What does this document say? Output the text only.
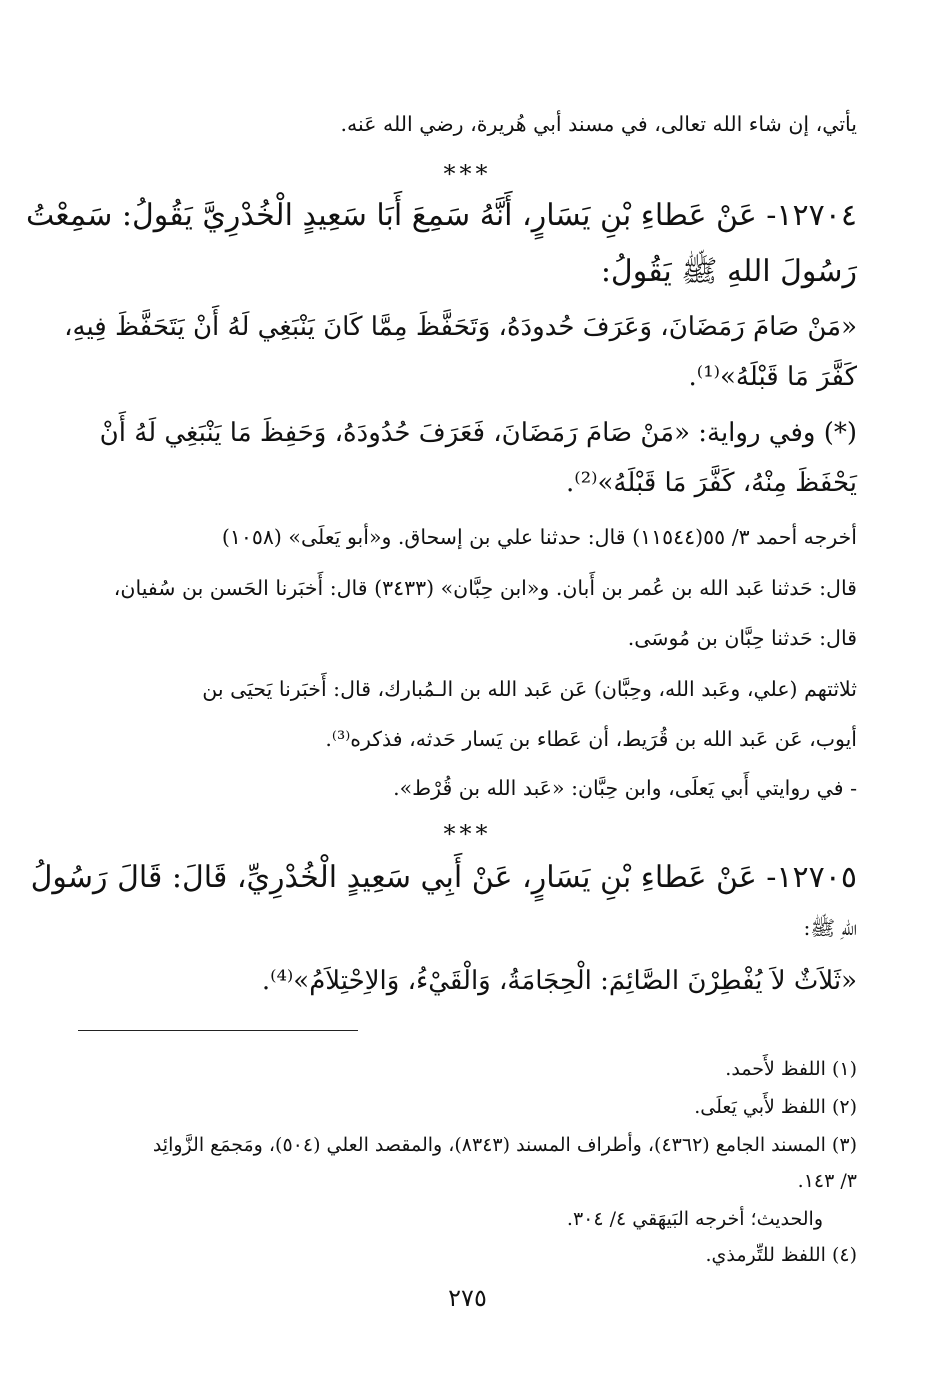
يأتي، إن شاء الله تعالى، في مسند أبي هُريرة، رضي الله عَنه.
***
١٢٧٠٤- عَنْ عَطاءِ بْنِ يَسَارٍ، أَنَّهُ سَمِعَ أَبَا سَعِيدٍ الْخُدْرِيَّ يَقُولُ: سَمِعْتُ
رَسُولَ اللهِ ﷺ يَقُولُ:
«مَنْ صَامَ رَمَضَانَ، وَعَرَفَ حُدودَهُ، وَتَحَفَّظَ مِمَّا كَانَ يَنْبَغِي لَهُ أَنْ يَتَحَفَّظَ فِيهِ،
كَفَّرَ مَا قَبْلَهُ»⁽¹⁾.
(*) وفي رواية: «مَنْ صَامَ رَمَضَانَ، فَعَرَفَ حُدُودَهُ، وَحَفِظَ مَا يَنْبَغِي لَهُ أَنْ
يَحْفَظَ مِنْهُ، كَفَّرَ مَا قَبْلَهُ»⁽²⁾.
أخرجه أحمد ٣/ ٥٥(١١٥٤٤) قال: حدثنا علي بن إسحاق. و«أبو يَعلَى» (١٠٥٨)
قال: حَدثنا عَبد الله بن عُمر بن أَبان. و«ابن حِبَّان» (٣٤٣٣) قال: أَخبَرنا الحَسن بن سُفيان،
قال: حَدثنا حِبَّان بن مُوسَى.
ثلاثتهم (علي، وعَبد الله، وحِبَّان) عَن عَبد الله بن الـمُبارك، قال: أَخبَرنا يَحيَى بن
أيوب، عَن عَبد الله بن قُرَيط، أن عَطاء بن يَسار حَدثه، فذكره⁽³⁾.
- في روايتي أَبي يَعلَى، وابن حِبَّان: «عَبد الله بن قُرْط».
***
١٢٧٠٥- عَنْ عَطاءِ بْنِ يَسَارٍ، عَنْ أَبِي سَعِيدٍ الْخُدْرِيِّ، قَالَ: قَالَ رَسُولُ
اللهِ ﷺ:
«ثَلاَثٌ لاَ يُفْطِرْنَ الصَّائِمَ: الْحِجَامَةُ، وَالْقَيْءُ، وَالاِحْتِلاَمُ»⁽⁴⁾.
(١) اللفظ لأَحمد.
(٢) اللفظ لأَبي يَعلَى.
(٣) المسند الجامع (٤٣٦٢)، وأطراف المسند (٨٣٤٣)، والمقصد العلي (٥٠٤)، ومَجمَع الزَّوائِد
٣/ ١٤٣.
والحديث؛ أخرجه البَيهَقي ٤/ ٣٠٤.
(٤) اللفظ للتِّرمذي.
٢٧٥
